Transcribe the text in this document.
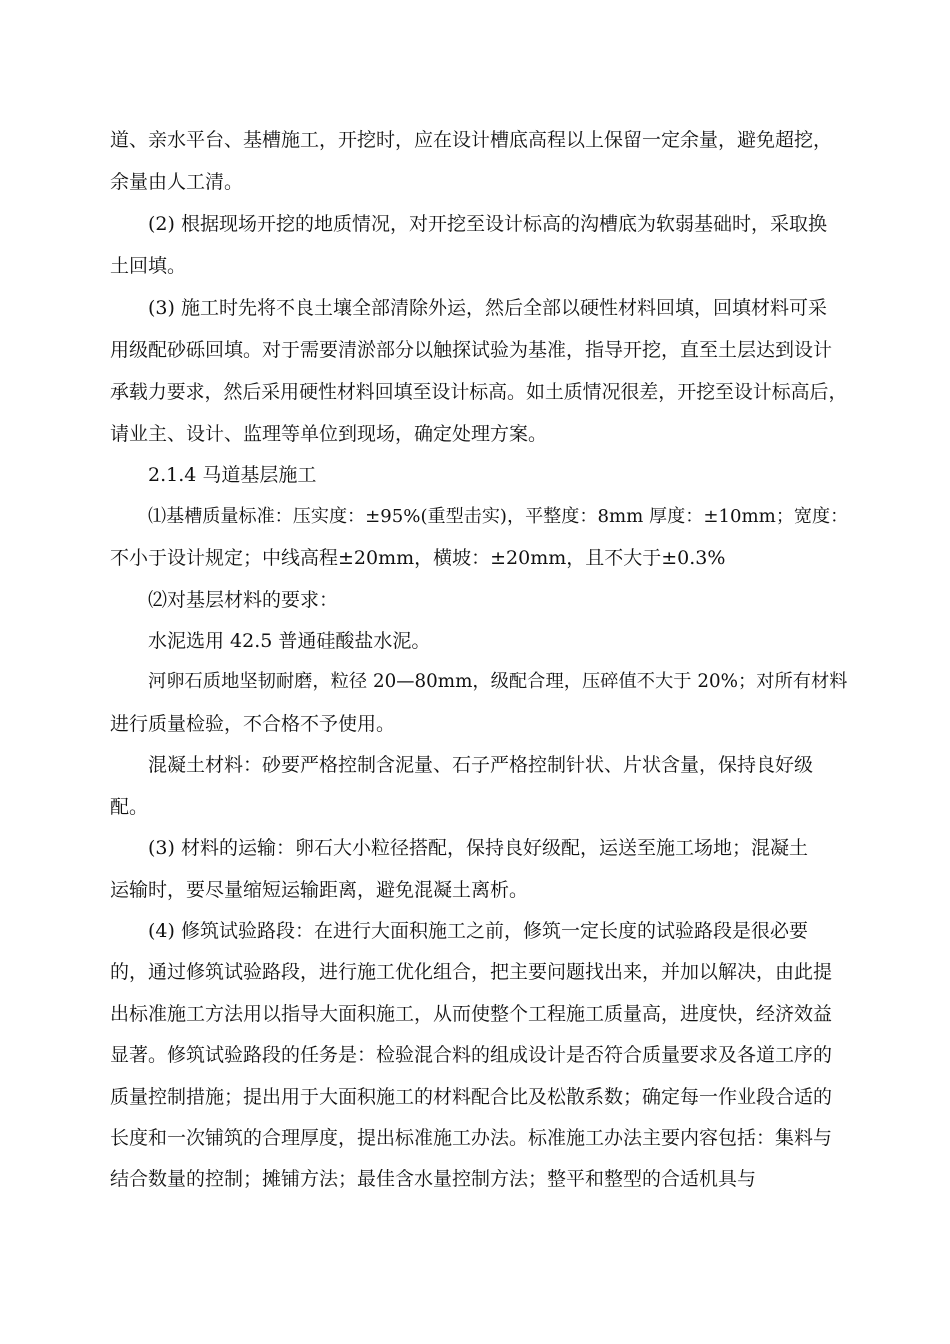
道、亲水平台、基槽施工，开挖时，应在设计槽底高程以上保留一定余量，避免超挖，
余量由人工清。
(2) 根据现场开挖的地质情况，对开挖至设计标高的沟槽底为软弱基础时，采取换
土回填。
(3) 施工时先将不良土壤全部清除外运，然后全部以硬性材料回填，回填材料可采
用级配砂砾回填。对于需要清淤部分以触探试验为基准，指导开挖，直至土层达到设计
承载力要求，然后采用硬性材料回填至设计标高。如土质情况很差，开挖至设计标高后，
请业主、设计、监理等单位到现场，确定处理方案。
2.1.4 马道基层施工
⑴基槽质量标准：压实度：±95%(重型击实)，平整度：8mm 厚度：±10mm；宽度：
不小于设计规定；中线高程±20mm，横坡：±20mm，且不大于±0.3%
⑵对基层材料的要求：
水泥选用 42.5 普通硅酸盐水泥。
河卵石质地坚韧耐磨，粒径 20—80mm，级配合理，压碎值不大于 20%；对所有材料
进行质量检验，不合格不予使用。
混凝土材料：砂要严格控制含泥量、石子严格控制针状、片状含量，保持良好级
配。
(3) 材料的运输：卵石大小粒径搭配，保持良好级配，运送至施工场地；混凝土
运输时，要尽量缩短运输距离，避免混凝土离析。
(4) 修筑试验路段：在进行大面积施工之前，修筑一定长度的试验路段是很必要
的，通过修筑试验路段，进行施工优化组合，把主要问题找出来，并加以解决，由此提
出标准施工方法用以指导大面积施工，从而使整个工程施工质量高，进度快，经济效益
显著。修筑试验路段的任务是：检验混合料的组成设计是否符合质量要求及各道工序的
质量控制措施；提出用于大面积施工的材料配合比及松散系数；确定每一作业段合适的
长度和一次铺筑的合理厚度，提出标准施工办法。标准施工办法主要内容包括：集料与
结合数量的控制；摊铺方法；最佳含水量控制方法；整平和整型的合适机具与
